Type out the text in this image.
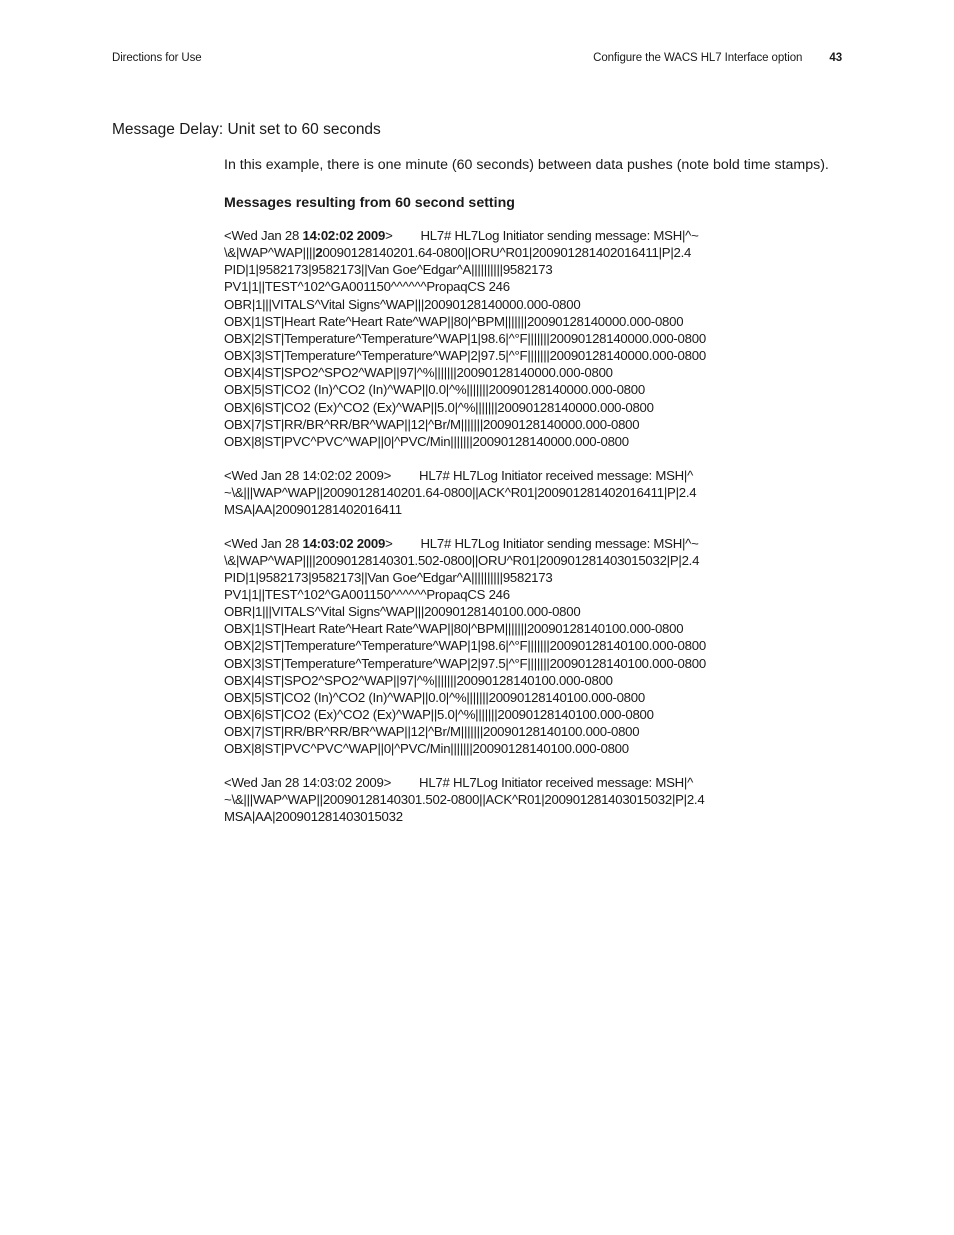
Directions for Use	Configure the WACS HL7 Interface option 43
Message Delay: Unit set to 60 seconds

In this example, there is one minute (60 seconds) between data pushes (note bold time stamps).

Messages resulting from 60 second setting

<Wed Jan 28 14:02:02 2009> HL7# HL7Log Initiator sending message: MSH|^~
\&|WAP^WAP||||20090128140201.64-0800||ORU^R01|200901281402016411|P|2.4
PID|1|9582173|9582173||Van Goe^Edgar^A||||||||||9582173
PV1|1||TEST^102^GA001150^^^^^^PropaqCS 246
OBR|1|||VITALS^Vital Signs^WAP|||20090128140000.000-0800
OBX|1|ST|Heart Rate^Heart Rate^WAP||80|^BPM|||||||20090128140000.000-0800
OBX|2|ST|Temperature^Temperature^WAP|1|98.6|^°F|||||||20090128140000.000-0800
OBX|3|ST|Temperature^Temperature^WAP|2|97.5|^°F|||||||20090128140000.000-0800
OBX|4|ST|SPO2^SPO2^WAP||97|^%|||||||20090128140000.000-0800
OBX|5|ST|CO2 (In)^CO2 (In)^WAP||0.0|^%|||||||20090128140000.000-0800
OBX|6|ST|CO2 (Ex)^CO2 (Ex)^WAP||5.0|^%|||||||20090128140000.000-0800
OBX|7|ST|RR/BR^RR/BR^WAP||12|^Br/M|||||||20090128140000.000-0800
OBX|8|ST|PVC^PVC^WAP||0|^PVC/Min|||||||20090128140000.000-0800
<Wed Jan 28 14:02:02 2009> HL7# HL7Log Initiator received message: MSH|^
~\&|||WAP^WAP||20090128140201.64-0800||ACK^R01|200901281402016411|P|2.4
MSA|AA|200901281402016411
<Wed Jan 28 14:03:02 2009> HL7# HL7Log Initiator sending message: MSH|^~
\&|WAP^WAP||||20090128140301.502-0800||ORU^R01|200901281403015032|P|2.4
PID|1|9582173|9582173||Van Goe^Edgar^A||||||||||9582173
PV1|1||TEST^102^GA001150^^^^^^PropaqCS 246
OBR|1|||VITALS^Vital Signs^WAP|||20090128140100.000-0800
OBX|1|ST|Heart Rate^Heart Rate^WAP||80|^BPM|||||||20090128140100.000-0800
OBX|2|ST|Temperature^Temperature^WAP|1|98.6|^°F|||||||20090128140100.000-0800
OBX|3|ST|Temperature^Temperature^WAP|2|97.5|^°F|||||||20090128140100.000-0800
OBX|4|ST|SPO2^SPO2^WAP||97|^%|||||||20090128140100.000-0800
OBX|5|ST|CO2 (In)^CO2 (In)^WAP||0.0|^%|||||||20090128140100.000-0800
OBX|6|ST|CO2 (Ex)^CO2 (Ex)^WAP||5.0|^%|||||||20090128140100.000-0800
OBX|7|ST|RR/BR^RR/BR^WAP||12|^Br/M|||||||20090128140100.000-0800
OBX|8|ST|PVC^PVC^WAP||0|^PVC/Min|||||||20090128140100.000-0800
<Wed Jan 28 14:03:02 2009> HL7# HL7Log Initiator received message: MSH|^
~\&|||WAP^WAP||20090128140301.502-0800||ACK^R01|200901281403015032|P|2.4
MSA|AA|200901281403015032
